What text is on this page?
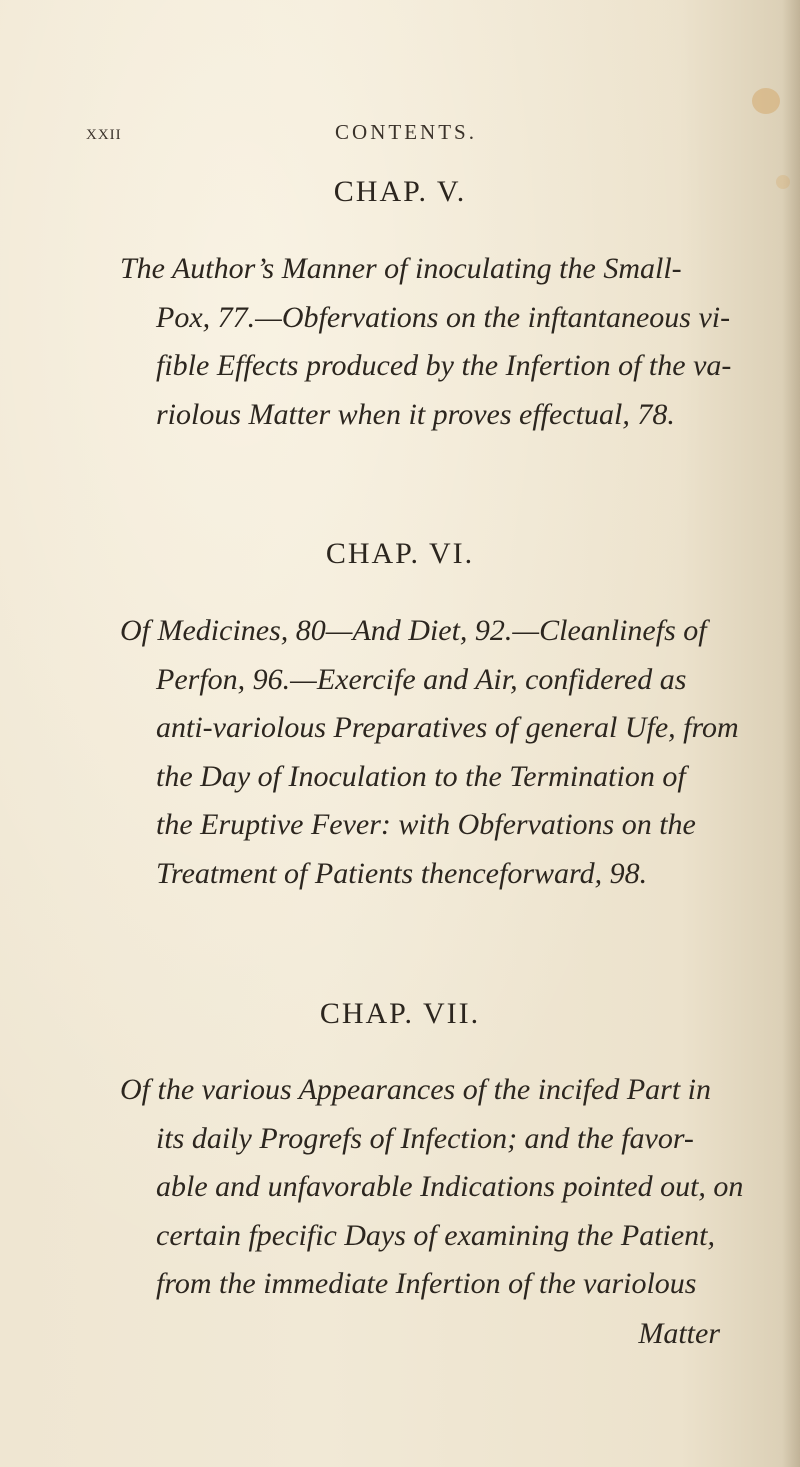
xxii	CONTENTS.
CHAP. V.
The Author’s Manner of inoculating the Small-
Pox, 77.—Obfervations on the inftantaneous vi-
fible Effects produced by the Infertion of the va-
riolous Matter when it proves effectual, 78.
CHAP. VI.
Of Medicines, 80—And Diet, 92.—Cleanlinefs of
Perfon, 96.—Exercife and Air, confidered as
anti-variolous Preparatives of general Ufe, from
the Day of Inoculation to the Termination of
the Eruptive Fever: with Obfervations on the
Treatment of Patients thenceforward, 98.
CHAP. VII.
Of the various Appearances of the incifed Part in
its daily Progrefs of Infection; and the favor-
able and unfavorable Indications pointed out, on
certain fpecific Days of examining the Patient,
from the immediate Infertion of the variolous
Matter
